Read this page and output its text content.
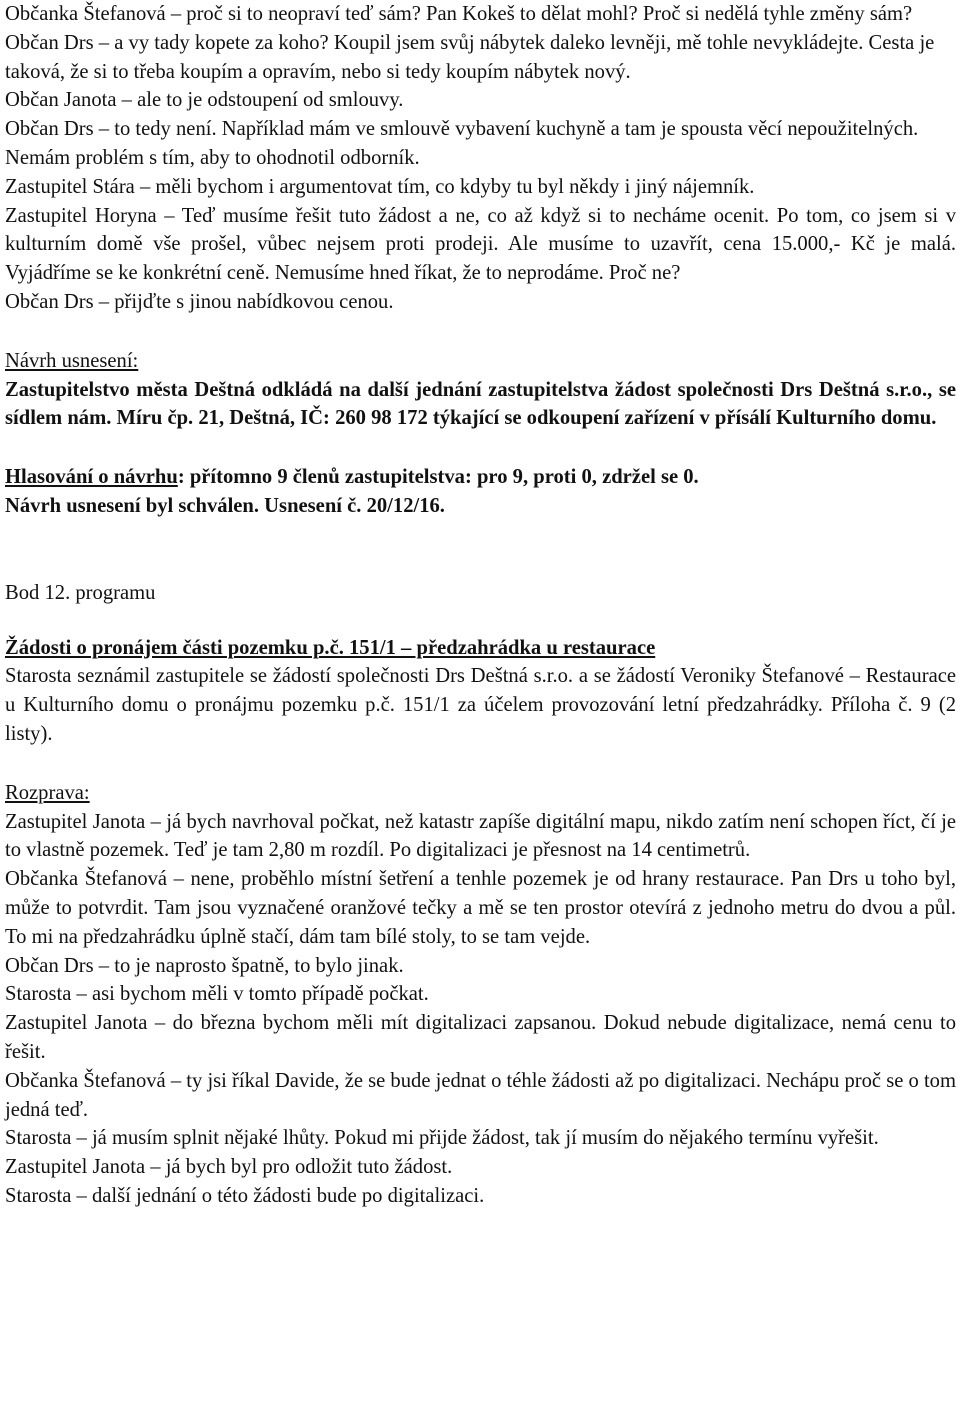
Občanka Štefanová – proč si to neopraví teď sám? Pan Kokeš to dělat mohl? Proč si nedělá tyhle změny sám?

Občan Drs – a vy tady kopete za koho? Koupil jsem svůj nábytek daleko levněji, mě tohle nevykládejte. Cesta je taková, že si to třeba koupím a opravím, nebo si tedy koupím nábytek nový.

Občan Janota – ale to je odstoupení od smlouvy.

Občan Drs – to tedy není. Například mám ve smlouvě vybavení kuchyně a tam je spousta věcí nepoužitelných. Nemám problém s tím, aby to ohodnotil odborník.

Zastupitel Stára – měli bychom i argumentovat tím, co kdyby tu byl někdy i jiný nájemník.

Zastupitel Horyna – Teď musíme řešit tuto žádost a ne, co až když si to necháme ocenit. Po tom, co jsem si v kulturním domě vše prošel, vůbec nejsem proti prodeji. Ale musíme to uzavřít, cena 15.000,- Kč je malá. Vyjádříme se ke konkrétní ceně. Nemusíme hned říkat, že to neprodáme. Proč ne?

Občan Drs – přijďte s jinou nabídkovou cenou.

Návrh usnesení:

Zastupitelstvo města Deštná odkládá na další jednání zastupitelstva žádost společnosti Drs Deštná s.r.o., se sídlem nám. Míru čp. 21, Deštná, IČ: 260 98 172 týkající se odkoupení zařízení v přísálí Kulturního domu.

Hlasování o návrhu: přítomno 9 členů zastupitelstva: pro 9, proti 0, zdržel se 0.

Návrh usnesení byl schválen. Usnesení č. 20/12/16.

Bod 12. programu

Žádosti o pronájem části pozemku p.č. 151/1 – předzahrádka u restaurace

Starosta seznámil zastupitele se žádostí společnosti Drs Deštná s.r.o. a se žádostí Veroniky Štefanové – Restaurace u Kulturního domu o pronájmu pozemku p.č. 151/1 za účelem provozování letní předzahrádky. Příloha č. 9 (2 listy).

Rozprava:

Zastupitel Janota – já bych navrhoval počkat, než katastr zapíše digitální mapu, nikdo zatím není schopen říct, čí je to vlastně pozemek. Teď je tam 2,80 m rozdíl. Po digitalizaci je přesnost na 14 centimetrů.

Občanka Štefanová – nene, proběhlo místní šetření a tenhle pozemek je od hrany restaurace. Pan Drs u toho byl, může to potvrdit. Tam jsou vyznačené oranžové tečky a mě se ten prostor otevírá z jednoho metru do dvou a půl. To mi na předzahrádku úplně stačí, dám tam bílé stoly, to se tam vejde.

Občan Drs – to je naprosto špatně, to bylo jinak.

Starosta – asi bychom měli v tomto případě počkat.

Zastupitel Janota – do března bychom měli mít digitalizaci zapsanou. Dokud nebude digitalizace, nemá cenu to řešit.

Občanka Štefanová – ty jsi říkal Davide, že se bude jednat o téhle žádosti až po digitalizaci. Nechápu proč se o tom jedná teď.

Starosta – já musím splnit nějaké lhůty. Pokud mi přijde žádost, tak jí musím do nějakého termínu vyřešit.

Zastupitel Janota – já bych byl pro odložit tuto žádost.

Starosta – další jednání o této žádosti bude po digitalizaci.
